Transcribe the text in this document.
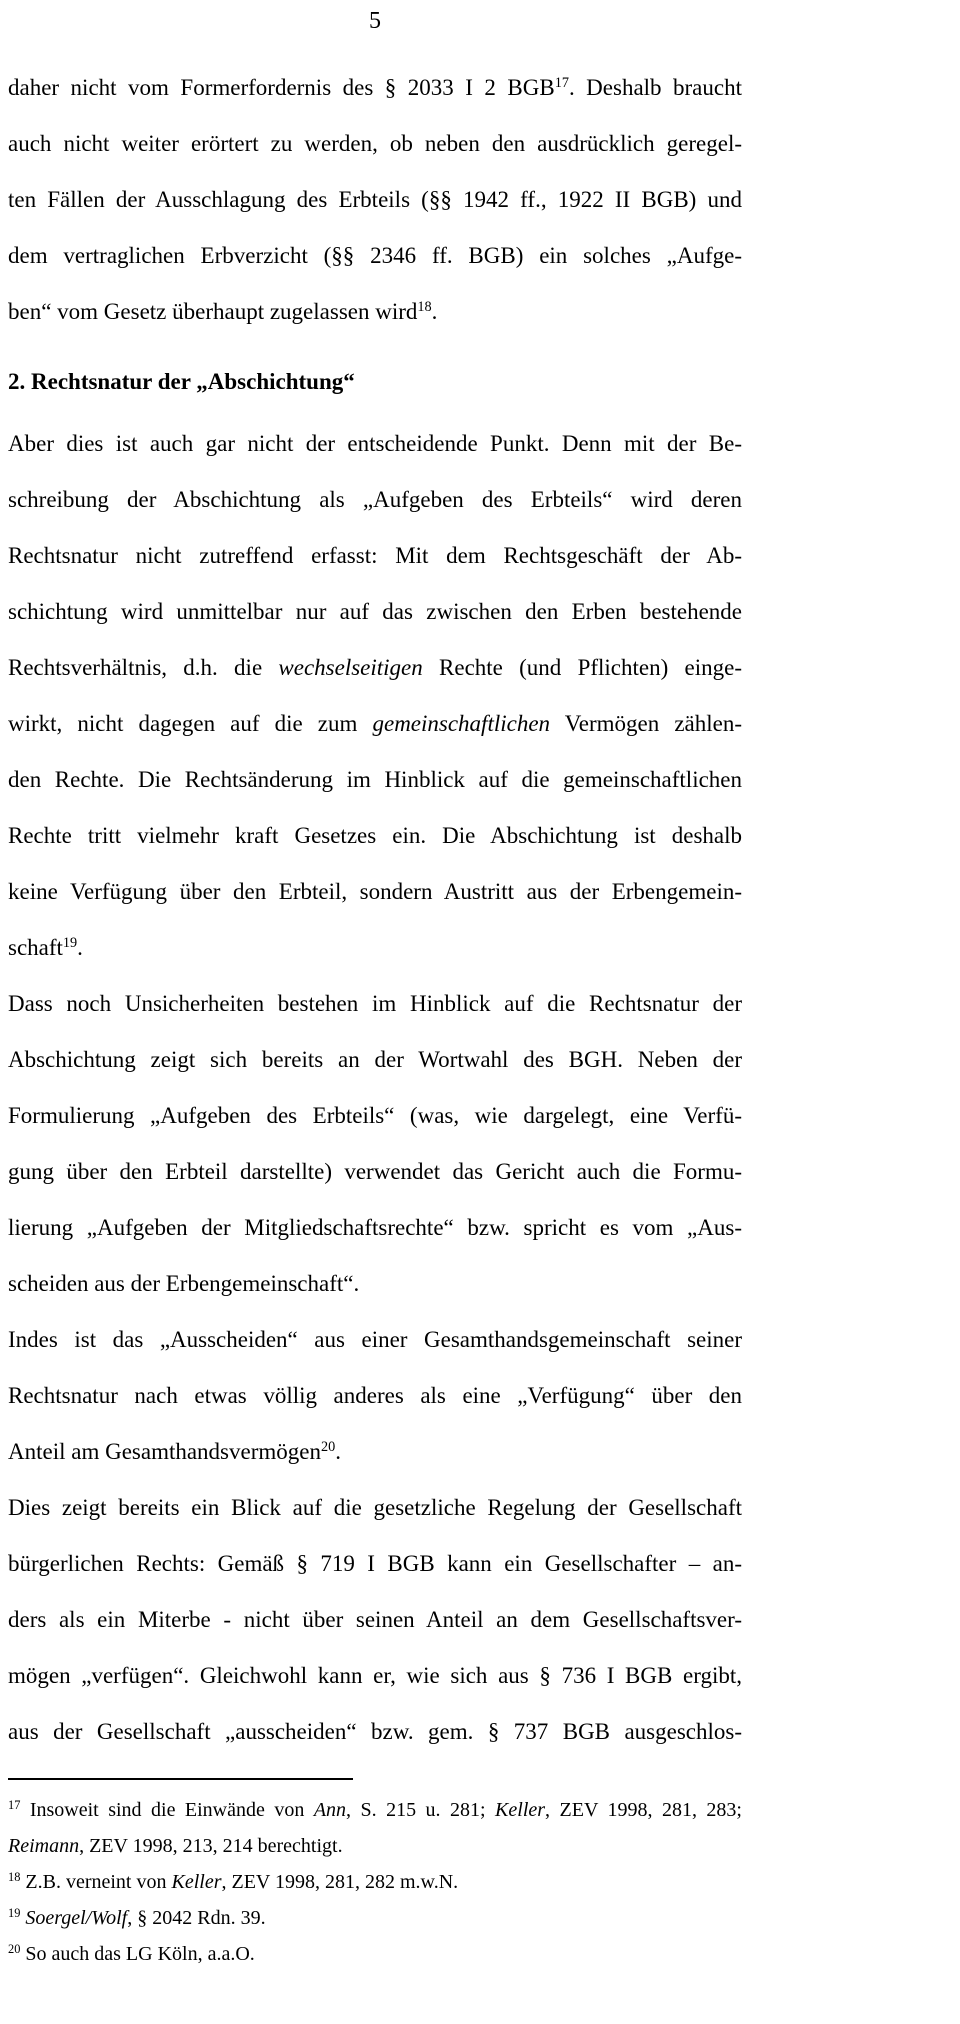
5
daher nicht vom Formerfordernis des § 2033 I 2 BGB$^{17}$. Deshalb braucht
auch nicht weiter erörtert zu werden, ob neben den ausdrücklich geregel-
ten Fällen der Ausschlagung des Erbteils (§§ 1942 ff., 1922 II BGB) und
dem vertraglichen Erbverzicht (§§ 2346 ff. BGB) ein solches „Aufge-
ben“ vom Gesetz überhaupt zugelassen wird$^{18}$.
2. Rechtsnatur der „Abschichtung“
Aber dies ist auch gar nicht der entscheidende Punkt. Denn mit der Be-
schreibung der Abschichtung als „Aufgeben des Erbteils“ wird deren
Rechtsnatur nicht zutreffend erfasst: Mit dem Rechtsgeschäft der Ab-
schichtung wird unmittelbar nur auf das zwischen den Erben bestehende
Rechtsverhältnis, d.h. die wechselseitigen Rechte (und Pflichten) einge-
wirkt, nicht dagegen auf die zum gemeinschaftlichen Vermögen zählen-
den Rechte. Die Rechtsänderung im Hinblick auf die gemeinschaftlichen
Rechte tritt vielmehr kraft Gesetzes ein. Die Abschichtung ist deshalb
keine Verfügung über den Erbteil, sondern Austritt aus der Erbengemein-
schaft$^{19}$.
Dass noch Unsicherheiten bestehen im Hinblick auf die Rechtsnatur der
Abschichtung zeigt sich bereits an der Wortwahl des BGH. Neben der
Formulierung „Aufgeben des Erbteils“ (was, wie dargelegt, eine Verfü-
gung über den Erbteil darstellte) verwendet das Gericht auch die Formu-
lierung „Aufgeben der Mitgliedschaftsrechte“ bzw. spricht es vom „Aus-
scheiden aus der Erbengemeinschaft“.
Indes ist das „Ausscheiden“ aus einer Gesamthandsgemeinschaft seiner
Rechtsnatur nach etwas völlig anderes als eine „Verfügung“ über den
Anteil am Gesamthandsvermögen$^{20}$.
Dies zeigt bereits ein Blick auf die gesetzliche Regelung der Gesellschaft
bürgerlichen Rechts: Gemäß § 719 I BGB kann ein Gesellschafter – an-
ders als ein Miterbe - nicht über seinen Anteil an dem Gesellschaftsver-
mögen „verfügen“. Gleichwohl kann er, wie sich aus § 736 I BGB ergibt,
aus der Gesellschaft „ausscheiden“ bzw. gem. § 737 BGB ausgeschlos-
$^{17}$ Insoweit sind die Einwände von Ann, S. 215 u. 281; Keller, ZEV 1998, 281, 283;
Reimann, ZEV 1998, 213, 214 berechtigt.
$^{18}$ Z.B. verneint von Keller, ZEV 1998, 281, 282 m.w.N.
$^{19}$ Soergel/Wolf, § 2042 Rdn. 39.
$^{20}$ So auch das LG Köln, a.a.O.
